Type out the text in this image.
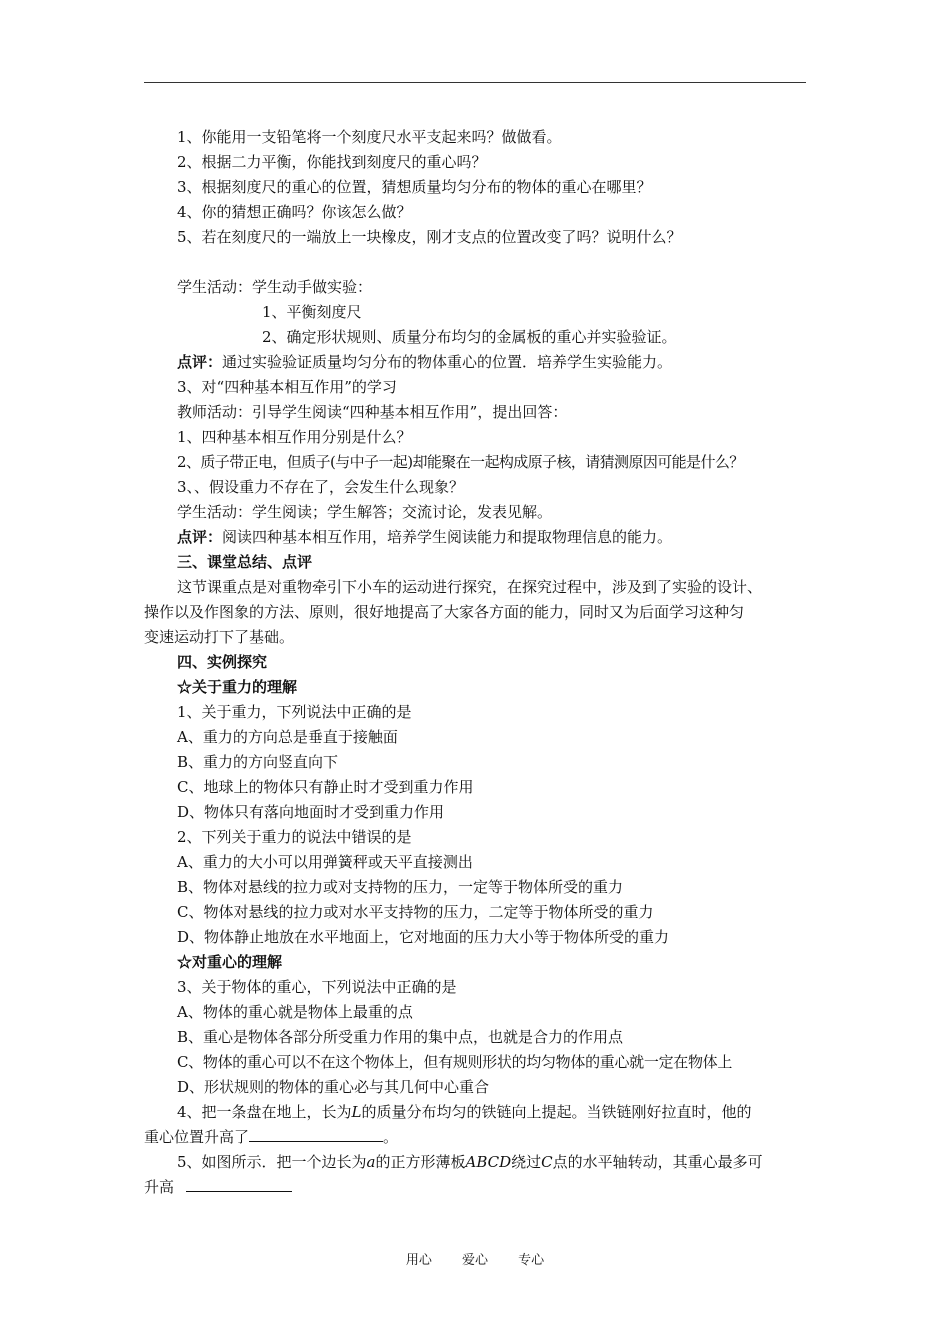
1、你能用一支铅笔将一个刻度尺水平支起来吗？做做看。
2、根据二力平衡，你能找到刻度尺的重心吗？
3、根据刻度尺的重心的位置，猜想质量均匀分布的物体的重心在哪里？
4、你的猜想正确吗？你该怎么做？
5、若在刻度尺的一端放上一块橡皮，刚才支点的位置改变了吗？说明什么？
学生活动：学生动手做实验：
1、平衡刻度尺
2、确定形状规则、质量分布均匀的金属板的重心并实验验证。
点评：通过实验验证质量均匀分布的物体重心的位置．培养学生实验能力。
3、对“四种基本相互作用”的学习
教师活动：引导学生阅读“四种基本相互作用”，提出回答：
1、四种基本相互作用分别是什么？
2、质子带正电，但质子(与中子一起)却能聚在一起构成原子核，请猜测原因可能是什么？
3、、假设重力不存在了，会发生什么现象？
学生活动：学生阅读；学生解答；交流讨论，发表见解。
点评：阅读四种基本相互作用，培养学生阅读能力和提取物理信息的能力。
三、课堂总结、点评
这节课重点是对重物牵引下小车的运动进行探究，在探究过程中，涉及到了实验的设计、
操作以及作图象的方法、原则，很好地提高了大家各方面的能力，同时又为后面学习这种匀
变速运动打下了基础。
四、实例探究
☆关于重力的理解
1、关于重力，下列说法中正确的是
A、重力的方向总是垂直于接触面
B、重力的方向竖直向下
C、地球上的物体只有静止时才受到重力作用
D、物体只有落向地面时才受到重力作用
2、下列关于重力的说法中错误的是
A、重力的大小可以用弹簧秤或天平直接测出
B、物体对悬线的拉力或对支持物的压力，一定等于物体所受的重力
C、物体对悬线的拉力或对水平支持物的压力，二定等于物体所受的重力
D、物体静止地放在水平地面上，它对地面的压力大小等于物体所受的重力
☆对重心的理解
3、关于物体的重心，下列说法中正确的是
A、物体的重心就是物体上最重的点
B、重心是物体各部分所受重力作用的集中点，也就是合力的作用点
C、物体的重心可以不在这个物体上，但有规则形状的均匀物体的重心就一定在物体上
D、形状规则的物体的重心必与其几何中心重合
4、把一条盘在地上，长为L的质量分布均匀的铁链向上提起。当铁链刚好拉直时，他的
重心位置升高了	。
5、如图所示．把一个边长为a的正方形薄板ABCD绕过C点的水平轴转动，其重心最多可
升高
用心 爱心 专心
